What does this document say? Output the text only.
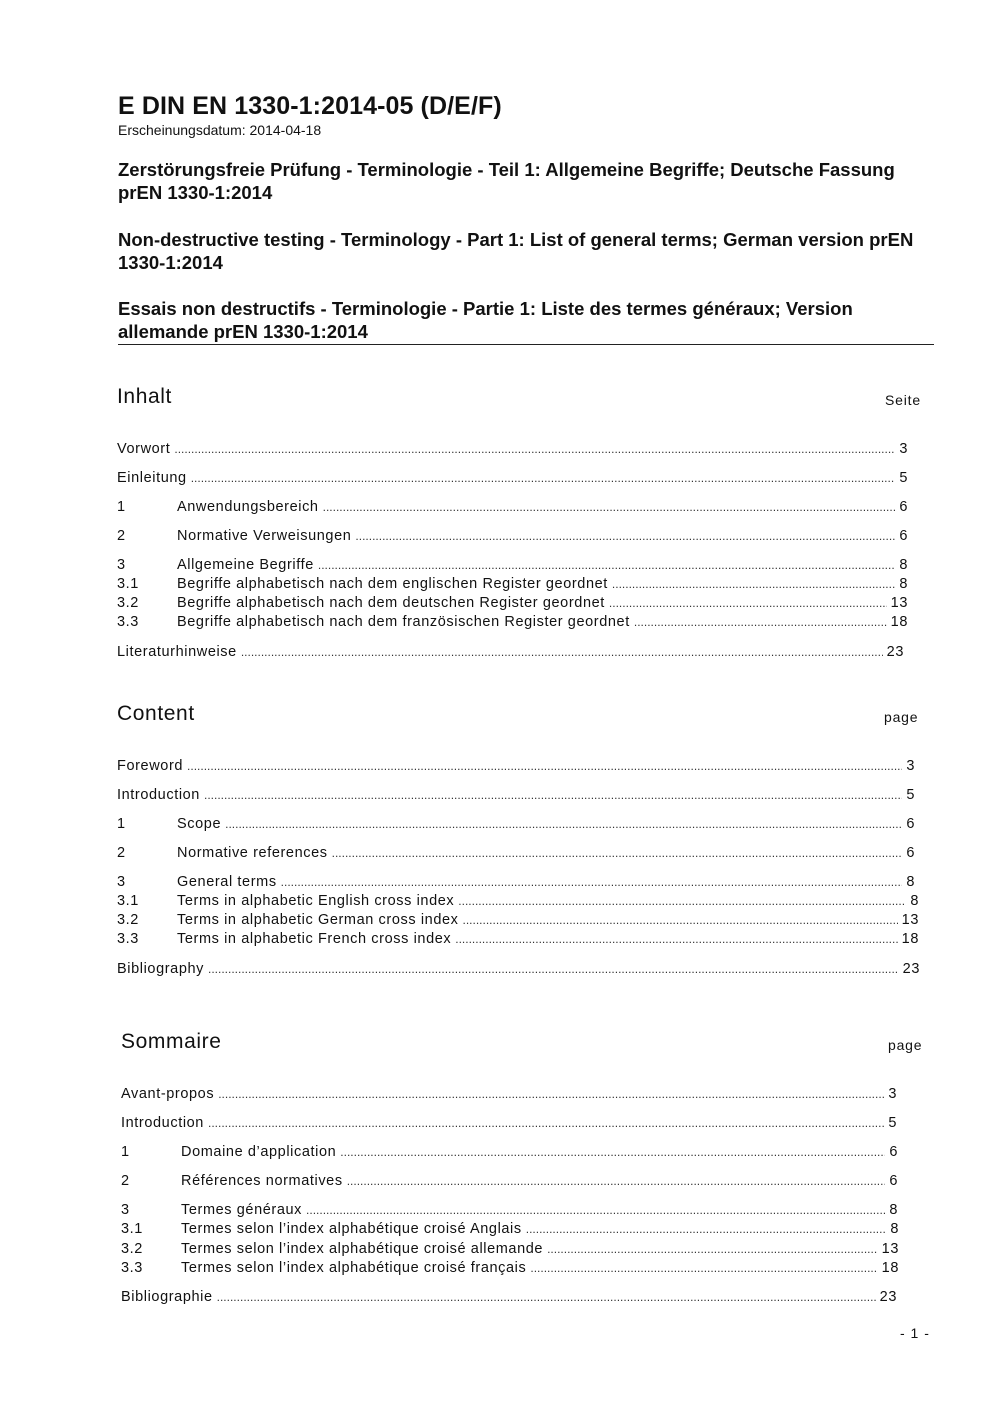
E DIN EN 1330-1:2014-05 (D/E/F)
Erscheinungsdatum: 2014-04-18
Zerstörungsfreie Prüfung - Terminologie - Teil 1: Allgemeine Begriffe; Deutsche Fassung prEN 1330-1:2014
Non-destructive testing - Terminology - Part 1: List of general terms; German version prEN 1330-1:2014
Essais non destructifs - Terminologie - Partie 1: Liste des termes généraux; Version allemande prEN 1330-1:2014
Inhalt	Seite
Vorwort .....	3
Einleitung .....	5
1	Anwendungsbereich .....	6
2	Normative Verweisungen .....	6
3	Allgemeine Begriffe .....	8
3.1	Begriffe alphabetisch nach dem englischen Register geordnet .....	8
3.2	Begriffe alphabetisch nach dem deutschen Register geordnet .....	13
3.3	Begriffe alphabetisch nach dem französischen Register geordnet .....	18
Literaturhinweise .....	23
Content	page
Foreword .....	3
Introduction .....	5
1	Scope .....	6
2	Normative references .....	6
3	General terms .....	8
3.1	Terms in alphabetic English cross index .....	8
3.2	Terms in alphabetic German cross index .....	13
3.3	Terms in alphabetic French cross index .....	18
Bibliography .....	23
Sommaire	page
Avant-propos .....	3
Introduction .....	5
1	Domaine d’application .....	6
2	Références normatives .....	6
3	Termes généraux .....	8
3.1	Termes selon l’index alphabétique croisé Anglais .....	8
3.2	Termes selon l’index alphabétique croisé allemande .....	13
3.3	Termes selon l’index alphabétique croisé français .....	18
Bibliographie .....	23
- 1 -
